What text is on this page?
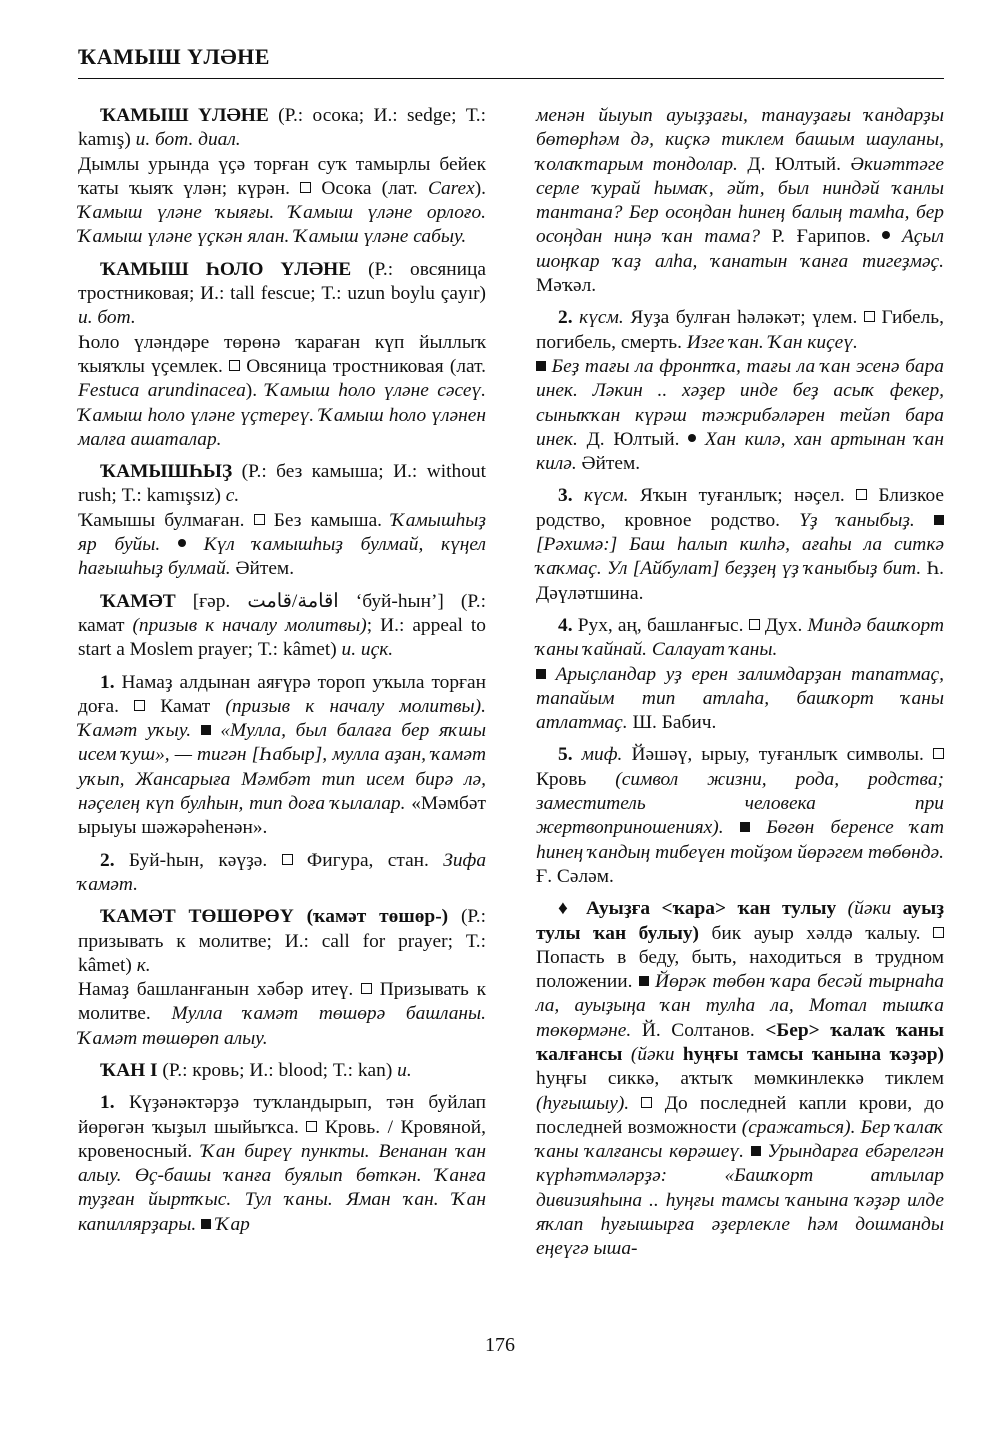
ҠАМЫШ ҮЛӘНЕ

ҠАМЫШ ҮЛӘНЕ (Р.: осока; И.: sedge; Т.: kamış) и. бот. диал.
Дымлы урында үҫә торған суҡ тамырлы бейек ҡаты ҡыяҡ үлән; күрән.  Осока (лат. Carex). Ҡамыш үләне ҡыяғы. Ҡамыш үләне орлоғо. Ҡамыш үләне үҫкән ялан. Ҡамыш үләне сабыу.

ҠАМЫШ ҺОЛО ҮЛӘНЕ (Р.: овсяница тростниковая; И.: tall fescue; Т.: uzun boylu çayır) и. бот.
Һоло үләндәре төрөнә ҡараған күп йыллыҡ ҡыяҡлы үҫемлек.  Овсяница тростниковая (лат. Festuca arundinacea). Ҡамыш һоло үләне сәсеү. Ҡамыш һоло үләне үҫтереү. Ҡамыш һоло үләнен малға ашаталар.

ҠАМЫШҺЫҘ (Р.: без камыша; И.: without rush; Т.: kamışsız) с.
Ҡамышы булмаған.  Без камыша. Ҡамышһыҙ яр буйы.  Күл ҡамышһыҙ булмай, күңел һағышһыҙ булмай. Әйтем.

ҠАМӘТ [ғәр. اقامة/قامت ‘буй-һын’] (Р.: камат (призыв к началу молитвы); И.: appeal to start a Moslem prayer; Т.: kâmet) и. иҫк.

1. Намаҙ алдынан аяғүрә тороп уҡыла торған доға.  Камат (призыв к началу молитвы). Ҡамәт уҡыу.  «Мулла, был балаға бер яҡшы исем ҡуш», — тигән [Һабыр], мулла аҙан, ҡамәт уҡып, Жансарыға Мәмбәт тип исем бирә лә, нәҫелең күп булһын, тип доға ҡылалар. «Мәмбәт ырыуы шәжәрәһенән».

2. Буй-һын, кәүҙә.  Фигура, стан. Зифа ҡамәт.

ҠАМӘТ ТӨШӨРӨҮ (ҡамәт төшөр-) (Р.: призывать к молитве; И.: call for prayer; Т.: kâmet) к.
Намаҙ башланғанын хәбәр итеү.  Призывать к молитве. Мулла ҡамәт төшөрә башланы. Ҡамәт төшөрөп алыу.

ҠАН I (Р.: кровь; И.: blood; Т.: kan) и.

1. Күҙәнәктәрҙә туҡландырып, тән буйлап йөрөгән ҡыҙыл шыйыҡса.  Кровь. / Кровяной, кровеносный. Ҡан биреү пункты. Венанан ҡан алыу. Өҫ-башы ҡанға буялып бөткән. Ҡанға туҙған йыртҡыс. Тул ҡаны. Яман ҡан. Ҡан капиллярҙары.  Ҡар

менән йыуып ауыҙҙағы, танауҙағы ҡандарҙы бөтөрһәм дә, киҫкә тиклем башым шауланы, ҡолаҡтарым тондолар. Д. Юлтый. Әкиәттәге серле ҡурай һымаҡ, әйт, был ниндәй ҡанлы тантана? Бер осоңдан һинең балың тамһа, бер осоңдан ниңә ҡан тама? Р. Ғарипов.  Аҫыл шоңҡар ҡаҙ алһа, ҡанатын ҡанға тигеҙмәҫ. Мәҡәл.

2. күсм. Яуҙа булған һәләкәт; үлем.  Гибель, погибель, смерть. Изге ҡан. Ҡан киҫеү.
Беҙ тағы ла фронтҡа, тағы ла ҡан эсенә бара инек. Ләкин .. хәҙер инде беҙ асыҡ фекер, сыныҡҡан күрәш тәжрибәләрен тейәп бара инек. Д. Юлтый.  Хан килә, хан артынан ҡан килә. Әйтем.

3. күсм. Яҡын туғанлыҡ; нәҫел.  Близкое родство, кровное родство. Үҙ ҡаныбыҙ.  [Рәхимә:] Баш һалып килһә, ағаһы ла ситкә ҡаҡмаҫ. Ул [Айбулат] беҙҙең үҙ ҡаныбыҙ бит. Һ. Дәүләтшина.

4. Рух, аң, башланғыс.  Дух. Миндә башҡорт ҡаны ҡайнай. Салауат ҡаны.
Арыҫландар уҙ ерен залимдарҙан тапатмаҫ, тапайым тип атлаһа, башҡорт ҡаны атлатмаҫ. Ш. Бабич.

5. миф. Йәшәү, ырыу, туғанлыҡ символы.  Кровь (символ жизни, рода, родства; заместитель человека при жертвоприношениях).  Бөгөн беренсе ҡат һинең ҡандың тибеүен тойҙом йөрәгем төбөндә. Ғ. Сәләм.

♦ Ауыҙға <ҡара> ҡан тулыу (йәки ауыҙ тулы ҡан булыу) бик ауыр хәлдә ҡалыу.  Попасть в беду, быть, находиться в трудном положении.  Йөрәк төбөн ҡара бесәй тырнаһа ла, ауыҙыңа ҡан тулһа ла, Мотал тышҡа төкөрмәне. Й. Солтанов. <Бер> ҡалаҡ ҡаны ҡалғансы (йәки һуңғы тамсы ҡанына ҡәҙәр) һуңғы сиккә, аҡтыҡ мөмкинлеккә тиклем (һуғышыу).  До последней капли крови, до последней возможности (сражаться). Бер ҡалаҡ ҡаны ҡалғансы көрәшеү.  Урындарға ебәрелгән күрһәтмәләрҙә: «Башҡорт атлылар дивизияһына .. һуңғы тамсы ҡанына ҡәҙәр илде яҡлап һуғышырға әҙерлекле һәм дошманды еңеүгә ыша-

176
